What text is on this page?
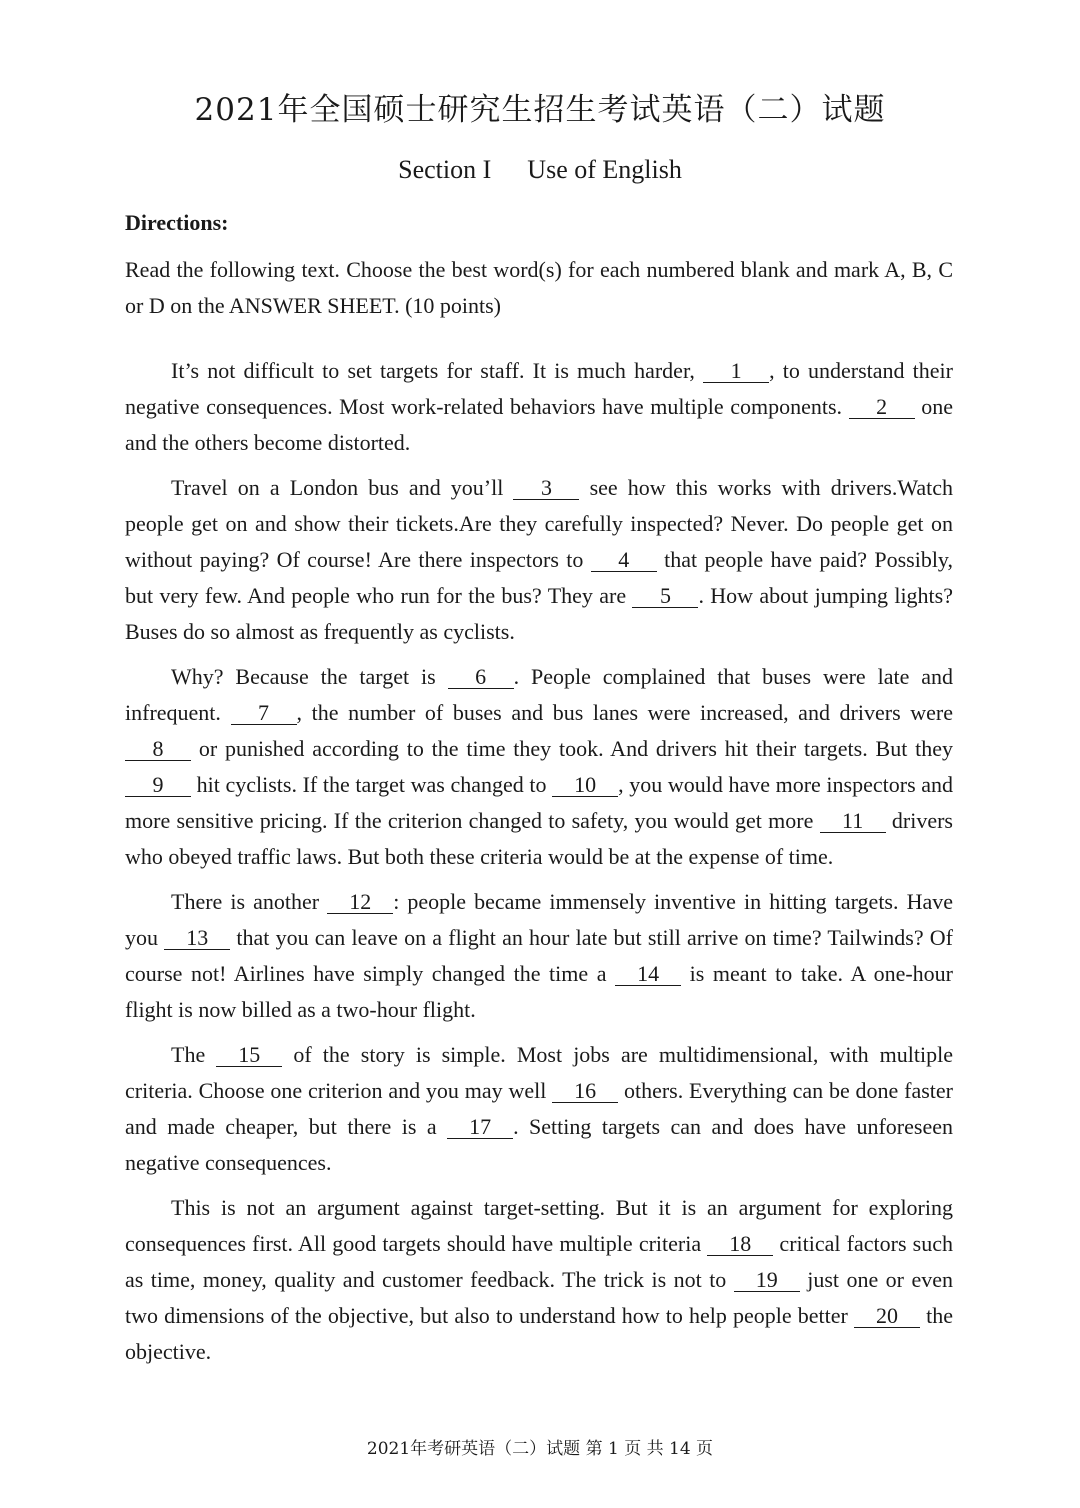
2021年全国硕士研究生招生考试英语（二）试题
Section I Use of English
Directions:
Read the following text. Choose the best word(s) for each numbered blank and mark A, B, C or D on the ANSWER SHEET. (10 points)

It’s not difficult to set targets for staff. It is much harder, 1 , to understand their negative consequences. Most work-related behaviors have multiple components. 2 one and the others become distorted.

Travel on a London bus and you’ll 3 see how this works with drivers.Watch people get on and show their tickets.Are they carefully inspected? Never. Do people get on without paying? Of course! Are there inspectors to 4 that people have paid? Possibly, but very few. And people who run for the bus? They are 5 . How about jumping lights? Buses do so almost as frequently as cyclists.

Why? Because the target is 6 . People complained that buses were late and infrequent. 7 , the number of buses and bus lanes were increased, and drivers were 8 or punished according to the time they took. And drivers hit their targets. But they 9 hit cyclists. If the target was changed to 10 , you would have more inspectors and more sensitive pricing. If the criterion changed to safety, you would get more 11 drivers who obeyed traffic laws. But both these criteria would be at the expense of time.

There is another 12 : people became immensely inventive in hitting targets. Have you 13 that you can leave on a flight an hour late but still arrive on time? Tailwinds? Of course not! Airlines have simply changed the time a 14 is meant to take. A one-hour flight is now billed as a two-hour flight.

The 15 of the story is simple. Most jobs are multidimensional, with multiple criteria. Choose one criterion and you may well 16 others. Everything can be done faster and made cheaper, but there is a 17 . Setting targets can and does have unforeseen negative consequences.

This is not an argument against target-setting. But it is an argument for exploring consequences first. All good targets should have multiple criteria 18 critical factors such as time, money, quality and customer feedback. The trick is not to 19 just one or even two dimensions of the objective, but also to understand how to help people better 20 the objective.

2021年考研英语（二）试题 第 1 页 共 14 页
